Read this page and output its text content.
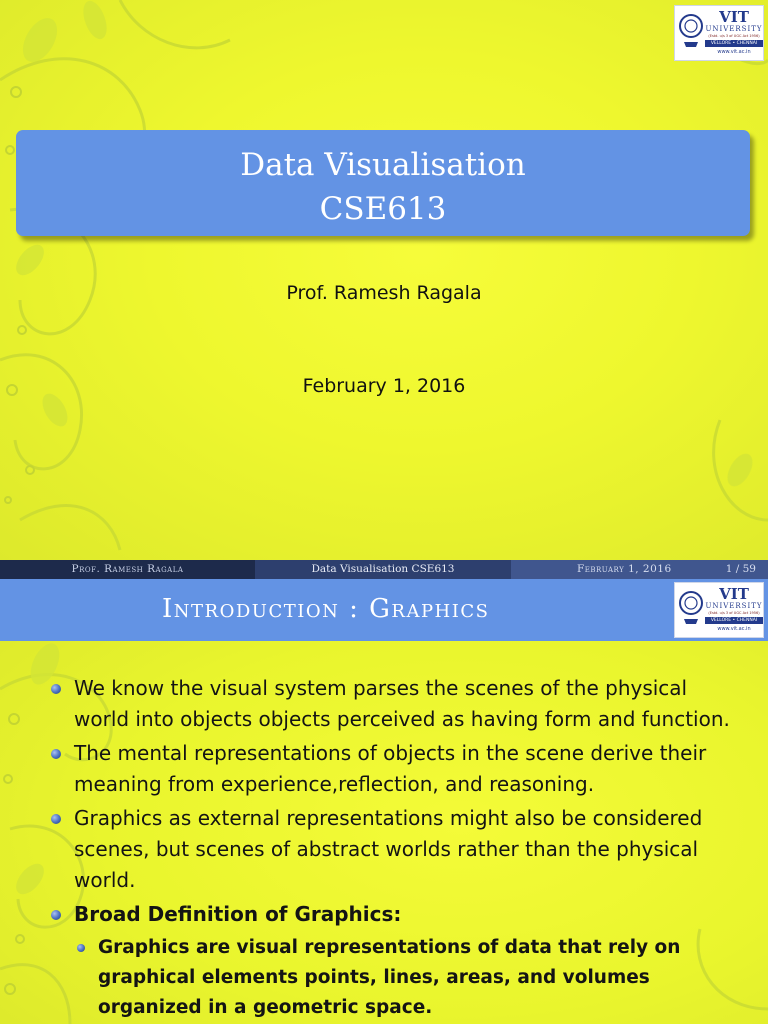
VIT
UNIVERSITY
(Estd. u/s 3 of UGC Act 1956)
VELLORE • CHENNAI
www.vit.ac.in
Data Visualisation
CSE613
Prof. Ramesh Ragala
February 1, 2016
Prof. Ramesh Ragala	Data Visualisation CSE613	February 1, 2016	1 / 59
Introduction : Graphics	VIT
UNIVERSITY
(Estd. u/s 3 of UGC Act 1956)
VELLORE • CHENNAI
www.vit.ac.in
We know the visual system parses the scenes of the physical world into objects objects perceived as having form and function.
The mental representations of objects in the scene derive their meaning from experience,reflection, and reasoning.
Graphics as external representations might also be considered scenes, but scenes of abstract worlds rather than the physical world.
Broad Definition of Graphics:
Graphics are visual representations of data that rely on graphical elements points, lines, areas, and volumes organized in a geometric space.
